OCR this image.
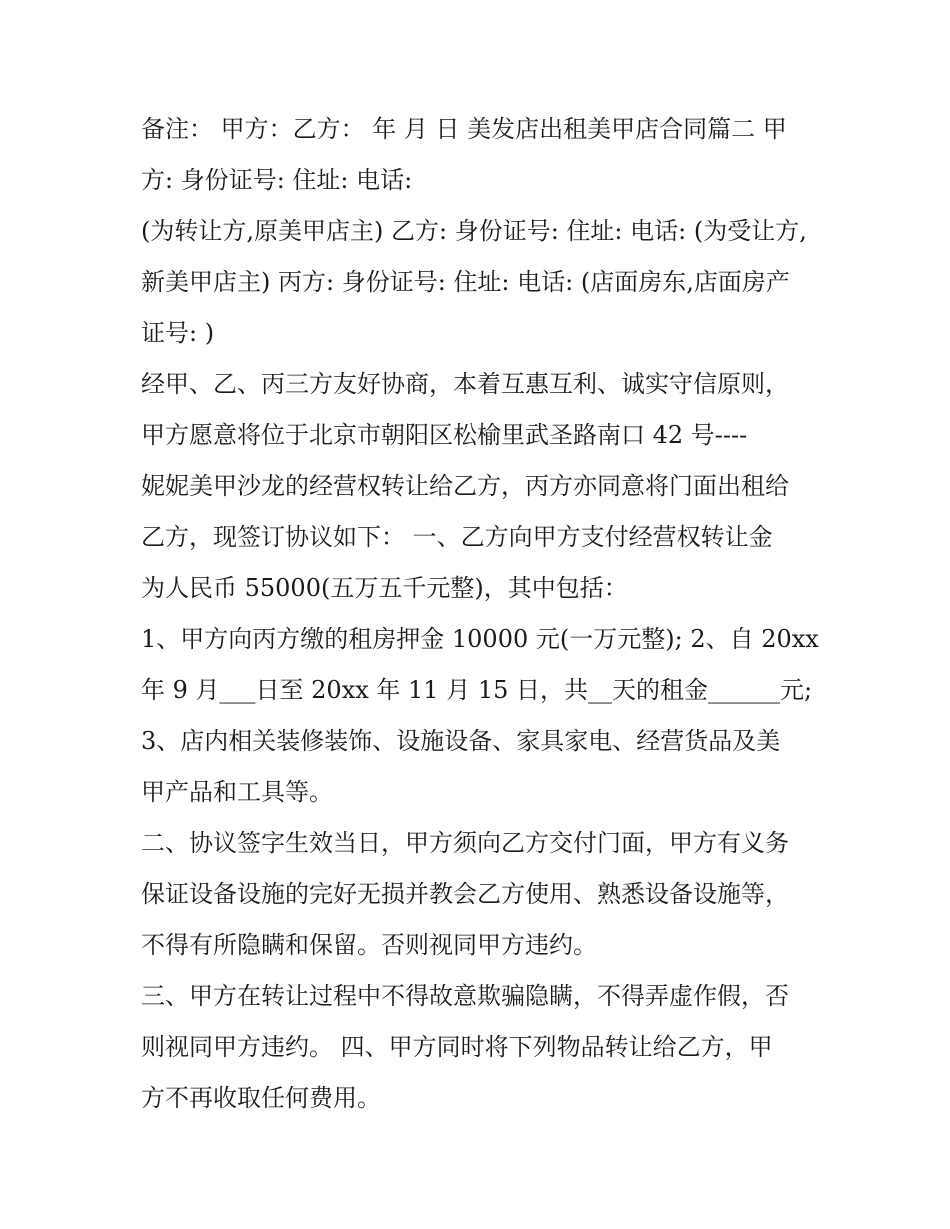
备注： 甲方：乙方： 年 月 日 美发店出租美甲店合同篇二 甲
方: 身份证号: 住址: 电话:
(为转让方,原美甲店主) 乙方: 身份证号: 住址: 电话: (为受让方,
新美甲店主) 丙方: 身份证号: 住址: 电话: (店面房东,店面房产
证号: )
经甲、乙、丙三方友好协商，本着互惠互利、诚实守信原则，
甲方愿意将位于北京市朝阳区松榆里武圣路南口 42 号----
妮妮美甲沙龙的经营权转让给乙方，丙方亦同意将门面出租给
乙方，现签订协议如下： 一、乙方向甲方支付经营权转让金
为人民币 55000(五万五千元整)，其中包括：
1、甲方向丙方缴的租房押金 10000 元(一万元整); 2、自 20xx
年 9 月___日至 20xx 年 11 月 15 日，共__天的租金______元;
3、店内相关装修装饰、设施设备、家具家电、经营货品及美
甲产品和工具等。
二、协议签字生效当日，甲方须向乙方交付门面，甲方有义务
保证设备设施的完好无损并教会乙方使用、熟悉设备设施等，
不得有所隐瞒和保留。否则视同甲方违约。
三、甲方在转让过程中不得故意欺骗隐瞒，不得弄虚作假，否
则视同甲方违约。 四、甲方同时将下列物品转让给乙方，甲
方不再收取任何费用。
